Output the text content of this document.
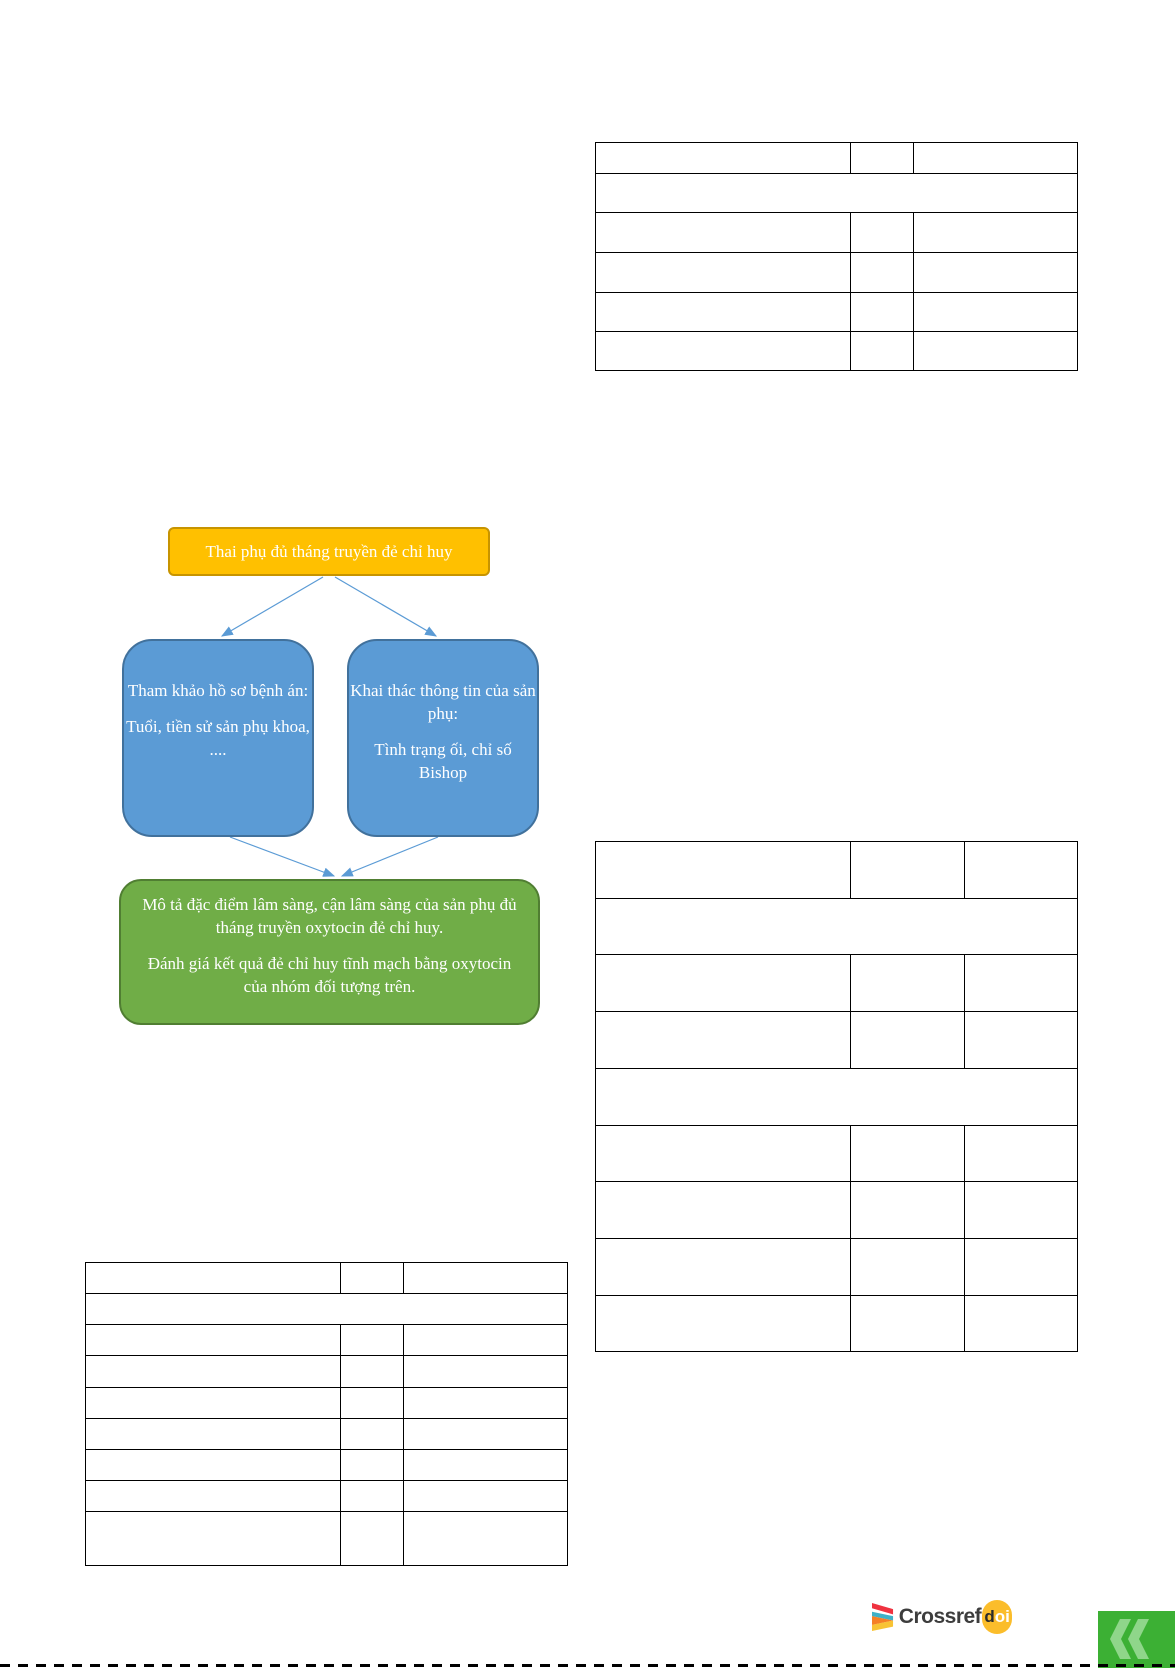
Thai phụ đủ tháng truyền đẻ chỉ huy

Tham khảo hồ sơ bệnh án:

Tuổi, tiền sử sản phụ khoa, ....

Khai thác thông tin của sản phụ:

Tình trạng ối, chỉ số Bishop

Mô tả đặc điểm lâm sàng, cận lâm sàng của sản phụ đủ tháng truyền oxytocin đẻ chỉ huy.

Đánh giá kết quả đẻ chỉ huy tĩnh mạch bằng oxytocin của nhóm đối tượng trên.

Crossref d oi
